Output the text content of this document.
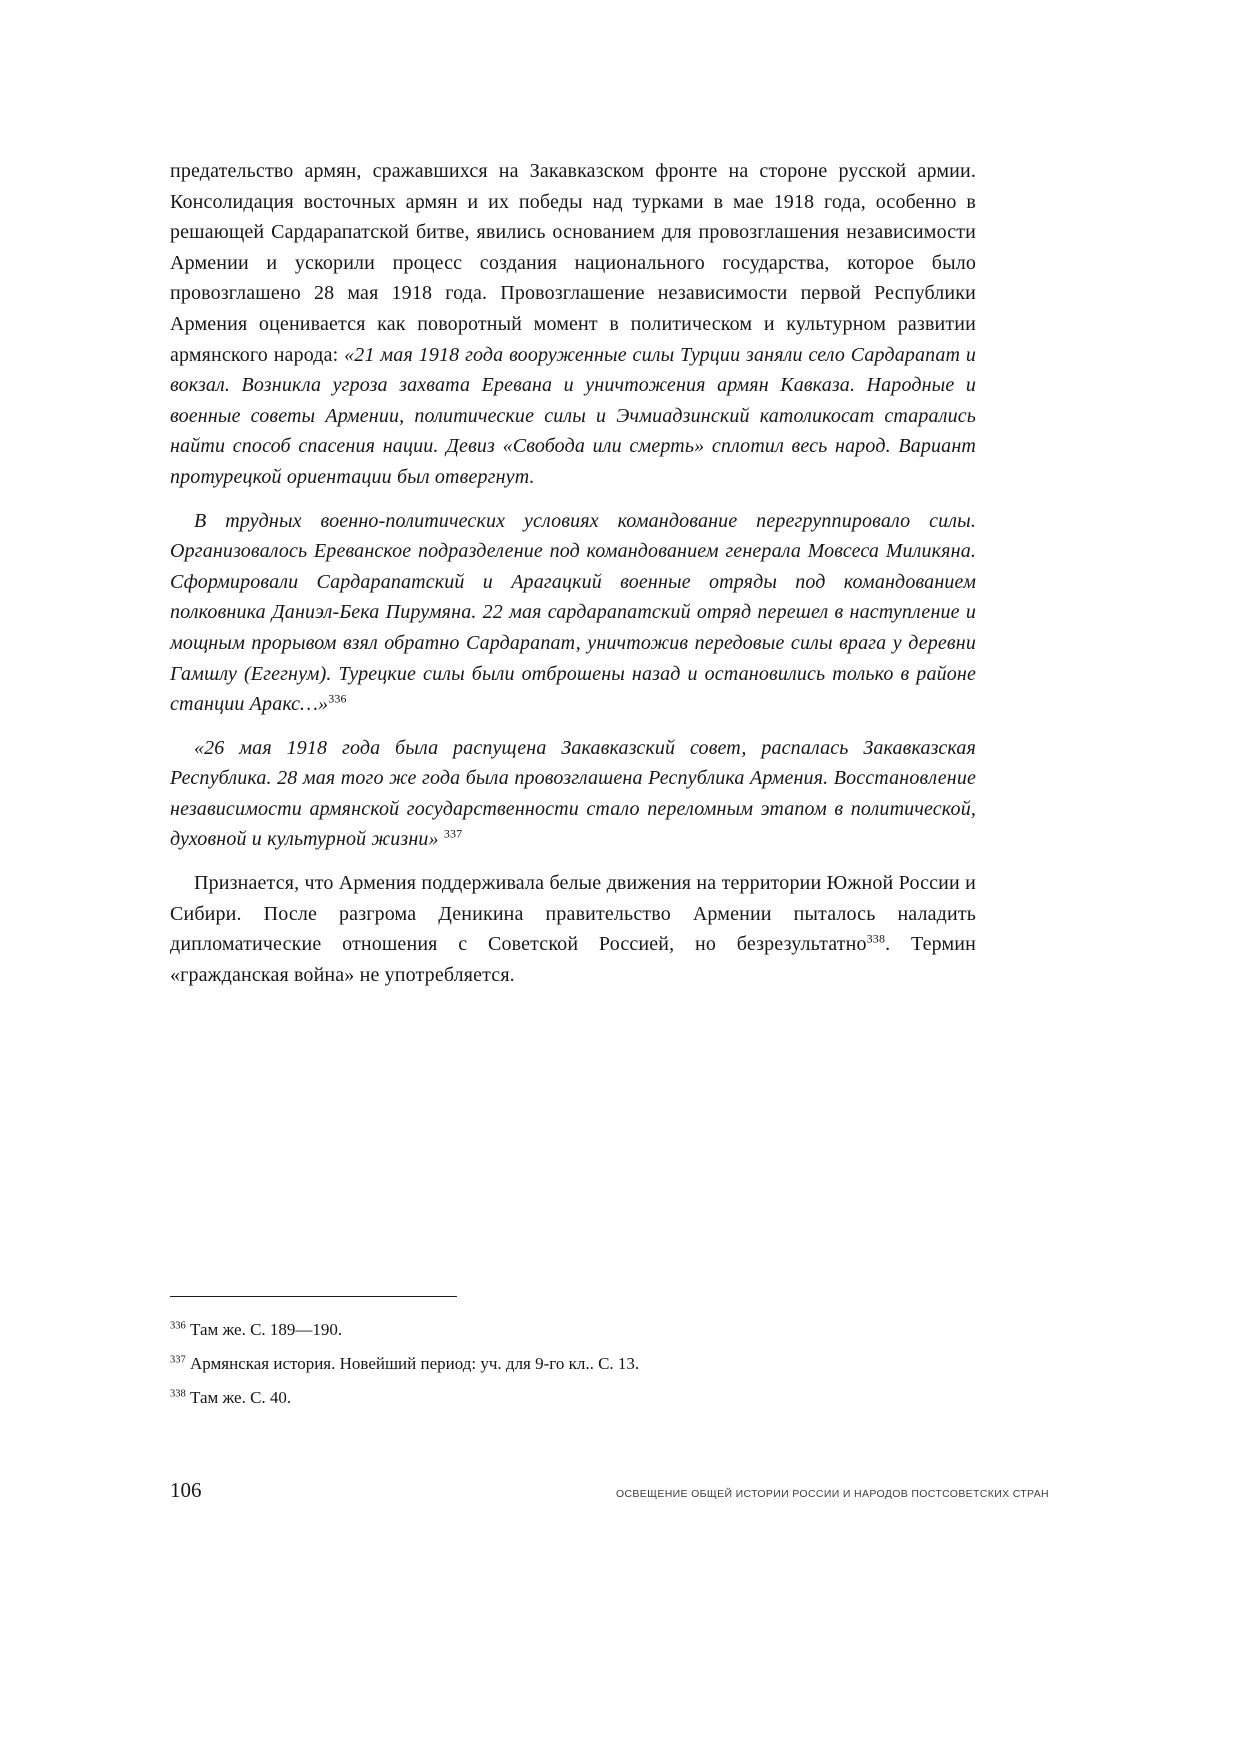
предательство армян, сражавшихся на Закавказском фронте на стороне русской армии. Консолидация восточных армян и их победы над турками в мае 1918 года, особенно в решающей Сардарапатской битве, явились основанием для провозглашения независимости Армении и ускорили процесс создания национального государства, которое было провозглашено 28 мая 1918 года. Провозглашение независимости первой Республики Армения оценивается как поворотный момент в политическом и культурном развитии армянского народа: «21 мая 1918 года вооруженные силы Турции заняли село Сардарапат и вокзал. Возникла угроза захвата Еревана и уничтожения армян Кавказа. Народные и военные советы Армении, политические силы и Эчмиадзинский католикосат старались найти способ спасения нации. Девиз «Свобода или смерть» сплотил весь народ. Вариант протурецкой ориентации был отвергнут.

В трудных военно-политических условиях командование перегруппировало силы. Организовалось Ереванское подразделение под командованием генерала Мовсеса Миликяна. Сформировали Сардарапатский и Арагацкий военные отряды под командованием полковника Даниэл-Бека Пирумяна. 22 мая сардарапатский отряд перешел в наступление и мощным прорывом взял обратно Сардарапат, уничтожив передовые силы врага у деревни Гамшлу (Егегнум). Турецкие силы были отброшены назад и остановились только в районе станции Аракс…»$^{336}$

«26 мая 1918 года была распущена Закавказский совет, распалась Закавказская Республика. 28 мая того же года была провозглашена Республика Армения. Восстановление независимости армянской государственности стало переломным этапом в политической, духовной и культурной жизни» $^{337}$

Признается, что Армения поддерживала белые движения на территории Южной России и Сибири. После разгрома Деникина правительство Армении пыталось наладить дипломатические отношения с Советской Россией, но безрезультатно$^{338}$. Термин «гражданская война» не употребляется.

$^{336}$ Там же. С. 189—190.
$^{337}$ Армянская история. Новейший период: уч. для 9-го кл.. С. 13.
$^{338}$ Там же. С. 40.
106	ОСВЕЩЕНИЕ ОБЩЕЙ ИСТОРИИ РОССИИ И НАРОДОВ ПОСТСОВЕТСКИХ СТРАН
